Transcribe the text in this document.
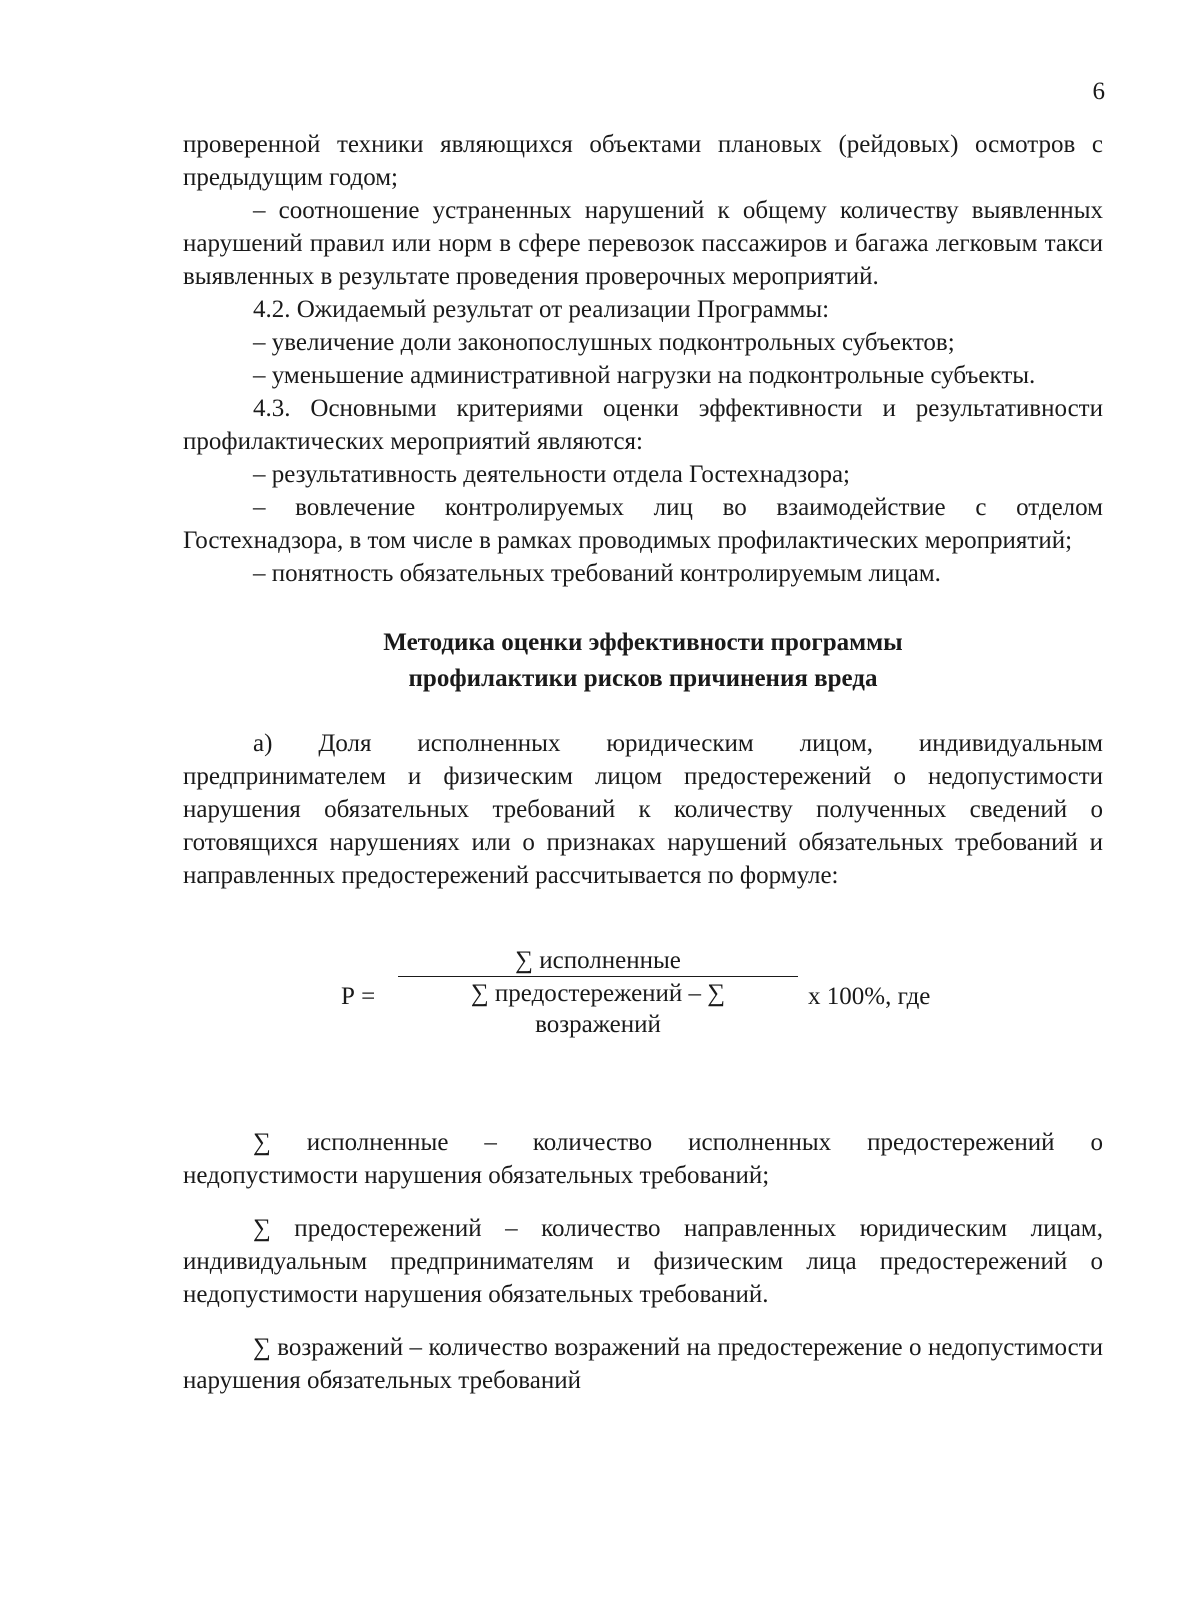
6

проверенной техники являющихся объектами плановых (рейдовых) осмотров с предыдущим годом;

– соотношение устраненных нарушений к общему количеству выявленных нарушений правил или норм в сфере перевозок пассажиров и багажа легковым такси выявленных в результате проведения проверочных мероприятий.

4.2. Ожидаемый результат от реализации Программы:

– увеличение доли законопослушных подконтрольных субъектов;

– уменьшение административной нагрузки на подконтрольные субъекты.

4.3. Основными критериями оценки эффективности и результативности профилактических мероприятий являются:

– результативность деятельности отдела Гостехнадзора;

– вовлечение контролируемых лиц во взаимодействие с отделом Гостехнадзора, в том числе в рамках проводимых профилактических мероприятий;

– понятность обязательных требований контролируемым лицам.

Методика оценки эффективности программы
профилактики рисков причинения вреда

а) Доля исполненных юридическим лицом, индивидуальным предпринимателем и физическим лицом предостережений о недопустимости нарушения обязательных требований к количеству полученных сведений о готовящихся нарушениях или о признаках нарушений обязательных требований и направленных предостережений рассчитывается по формуле:

Р =
∑ исполненные
∑ предостережений – ∑
возражений
х 100%, где

∑ исполненные – количество исполненных предостережений о недопустимости нарушения обязательных требований;

∑ предостережений – количество направленных юридическим лицам, индивидуальным предпринимателям и физическим лица предостережений о недопустимости нарушения обязательных требований.

∑ возражений – количество возражений на предостережение о недопустимости нарушения обязательных требований
